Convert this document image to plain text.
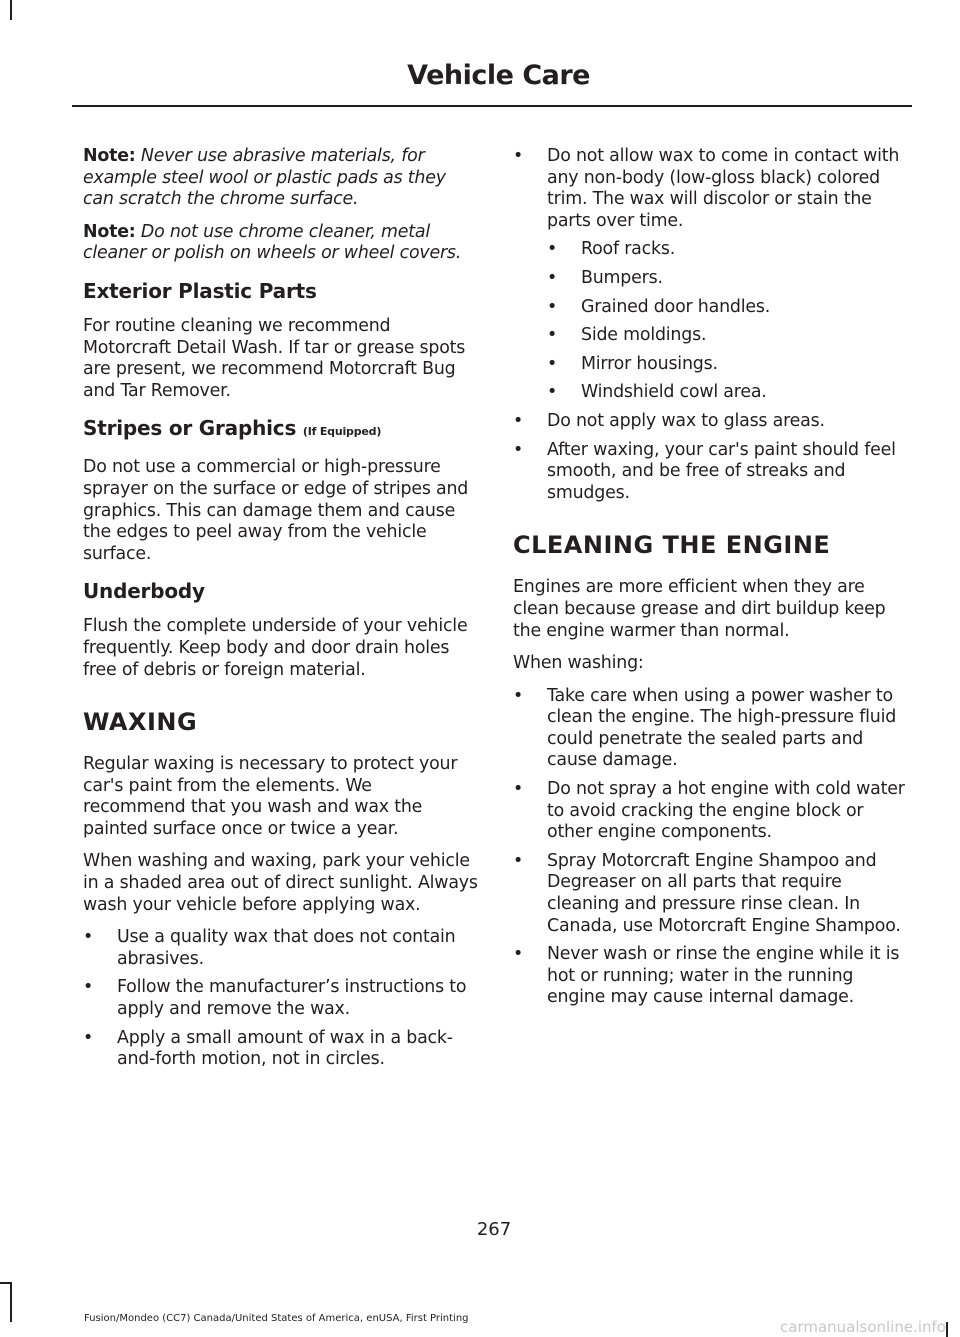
Vehicle Care

Note: Never use abrasive materials, for example steel wool or plastic pads as they can scratch the chrome surface.

Note: Do not use chrome cleaner, metal cleaner or polish on wheels or wheel covers.

Exterior Plastic Parts

For routine cleaning we recommend Motorcraft Detail Wash. If tar or grease spots are present, we recommend Motorcraft Bug and Tar Remover.

Stripes or Graphics (If Equipped)

Do not use a commercial or high-pressure sprayer on the surface or edge of stripes and graphics. This can damage them and cause the edges to peel away from the vehicle surface.

Underbody

Flush the complete underside of your vehicle frequently. Keep body and door drain holes free of debris or foreign material.

WAXING

Regular waxing is necessary to protect your car's paint from the elements. We recommend that you wash and wax the painted surface once or twice a year.

When washing and waxing, park your vehicle in a shaded area out of direct sunlight. Always wash your vehicle before applying wax.

• Use a quality wax that does not contain abrasives.
• Follow the manufacturer’s instructions to apply and remove the wax.
• Apply a small amount of wax in a back-and-forth motion, not in circles.
• Do not allow wax to come in contact with any non-body (low-gloss black) colored trim. The wax will discolor or stain the parts over time.
• Roof racks.
• Bumpers.
• Grained door handles.
• Side moldings.
• Mirror housings.
• Windshield cowl area.
• Do not apply wax to glass areas.
• After waxing, your car's paint should feel smooth, and be free of streaks and smudges.
CLEANING THE ENGINE

Engines are more efficient when they are clean because grease and dirt buildup keep the engine warmer than normal.

When washing:

• Take care when using a power washer to clean the engine. The high-pressure fluid could penetrate the sealed parts and cause damage.
• Do not spray a hot engine with cold water to avoid cracking the engine block or other engine components.
• Spray Motorcraft Engine Shampoo and Degreaser on all parts that require cleaning and pressure rinse clean. In Canada, use Motorcraft Engine Shampoo.
• Never wash or rinse the engine while it is hot or running; water in the running engine may cause internal damage.
267
Fusion/Mondeo (CC7) Canada/United States of America, enUSA, First Printing	carmanualsonline.info
